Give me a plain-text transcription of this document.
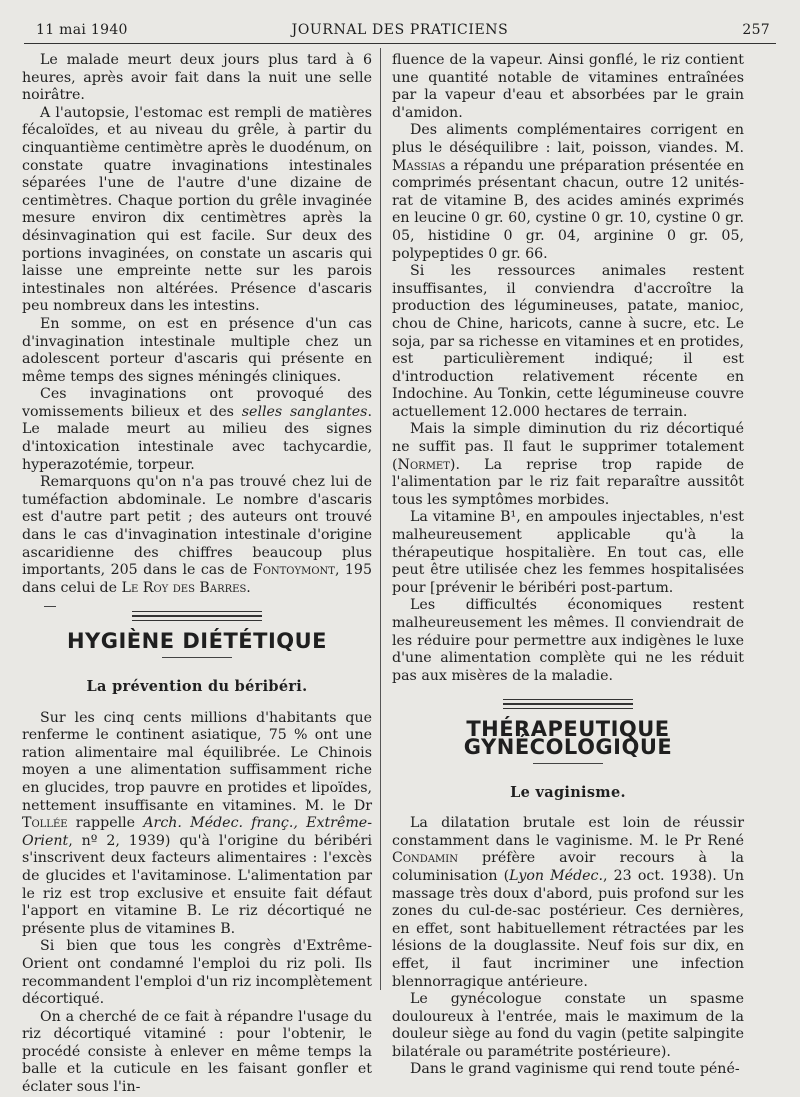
11 mai 1940	JOURNAL DES PRATICIENS	257

Le malade meurt deux jours plus tard à 6 heures, après avoir fait dans la nuit une selle noirâtre.

A l'autopsie, l'estomac est rempli de matières fécaloïdes, et au niveau du grêle, à partir du cinquantième centimètre après le duodénum, on constate quatre invaginations intestinales séparées l'une de l'autre d'une dizaine de centimètres. Chaque portion du grêle invaginée mesure environ dix centimètres après la désinvagination qui est facile. Sur deux des portions invaginées, on constate un ascaris qui laisse une empreinte nette sur les parois intestinales non altérées. Présence d'ascaris peu nombreux dans les intestins.

En somme, on est en présence d'un cas d'invagination intestinale multiple chez un adolescent porteur d'ascaris qui présente en même temps des signes méningés cliniques.

Ces invaginations ont provoqué des vomissements bilieux et des selles sanglantes. Le malade meurt au milieu des signes d'intoxication intestinale avec tachycardie, hyperazotémie, torpeur.

Remarquons qu'on n'a pas trouvé chez lui de tuméfaction abdominale. Le nombre d'ascaris est d'autre part petit ; des auteurs ont trouvé dans le cas d'invagination intestinale d'origine ascaridienne des chiffres beaucoup plus importants, 205 dans le cas de Fontoymont, 195 dans celui de Le Roy des Barres.

HYGIÈNE DIÉTÉTIQUE
La prévention du béribéri.

Sur les cinq cents millions d'habitants que renferme le continent asiatique, 75 % ont une ration alimentaire mal équilibrée. Le Chinois moyen a une alimentation suffisamment riche en glucides, trop pauvre en protides et lipoïdes, nettement insuffisante en vitamines. M. le Dr Tollée rappelle Arch. Médec. franç., Extrême-Orient, nº 2, 1939) qu'à l'origine du béribéri s'inscrivent deux facteurs alimentaires : l'excès de glucides et l'avitaminose. L'alimentation par le riz est trop exclusive et ensuite fait défaut l'apport en vitamine B. Le riz décortiqué ne présente plus de vitamines B.

Si bien que tous les congrès d'Extrême-Orient ont condamné l'emploi du riz poli. Ils recommandent l'emploi d'un riz incomplètement décortiqué.

On a cherché de ce fait à répandre l'usage du riz décortiqué vitaminé : pour l'obtenir, le procédé consiste à enlever en même temps la balle et la cuticule en les faisant gonfler et éclater sous l'in-

fluence de la vapeur. Ainsi gonflé, le riz contient une quantité notable de vitamines entraînées par la vapeur d'eau et absorbées par le grain d'amidon.

Des aliments complémentaires corrigent en plus le déséquilibre : lait, poisson, viandes. M. Massias a répandu une préparation présentée en comprimés présentant chacun, outre 12 unités-rat de vitamine B, des acides aminés exprimés en leucine 0 gr. 60, cystine 0 gr. 10, cystine 0 gr. 05, histidine 0 gr. 04, arginine 0 gr. 05, polypeptides 0 gr. 66.

Si les ressources animales restent insuffisantes, il conviendra d'accroître la production des légumineuses, patate, manioc, chou de Chine, haricots, canne à sucre, etc. Le soja, par sa richesse en vitamines et en protides, est particulièrement indiqué; il est d'introduction relativement récente en Indochine. Au Tonkin, cette légumineuse couvre actuellement 12.000 hectares de terrain.

Mais la simple diminution du riz décortiqué ne suffit pas. Il faut le supprimer totalement (Normet). La reprise trop rapide de l'alimentation par le riz fait reparaître aussitôt tous les symptômes morbides.

La vitamine B¹, en ampoules injectables, n'est malheureusement applicable qu'à la thérapeutique hospitalière. En tout cas, elle peut être utilisée chez les femmes hospitalisées pour [prévenir le béribéri post-partum.

Les difficultés économiques restent malheureusement les mêmes. Il conviendrait de les réduire pour permettre aux indigènes le luxe d'une alimentation complète qui ne les réduit pas aux misères de la maladie.

THÉRAPEUTIQUE GYNÉCOLOGIQUE
Le vaginisme.

La dilatation brutale est loin de réussir constamment dans le vaginisme. M. le Pr René Condamin préfère avoir recours à la columinisation (Lyon Médec., 23 oct. 1938). Un massage très doux d'abord, puis profond sur les zones du cul-de-sac postérieur. Ces dernières, en effet, sont habituellement rétractées par les lésions de la douglassite. Neuf fois sur dix, en effet, il faut incriminer une infection blennorragique antérieure.

Le gynécologue constate un spasme douloureux à l'entrée, mais le maximum de la douleur siège au fond du vagin (petite salpingite bilatérale ou paramétrite postérieure).

Dans le grand vaginisme qui rend toute péné-
